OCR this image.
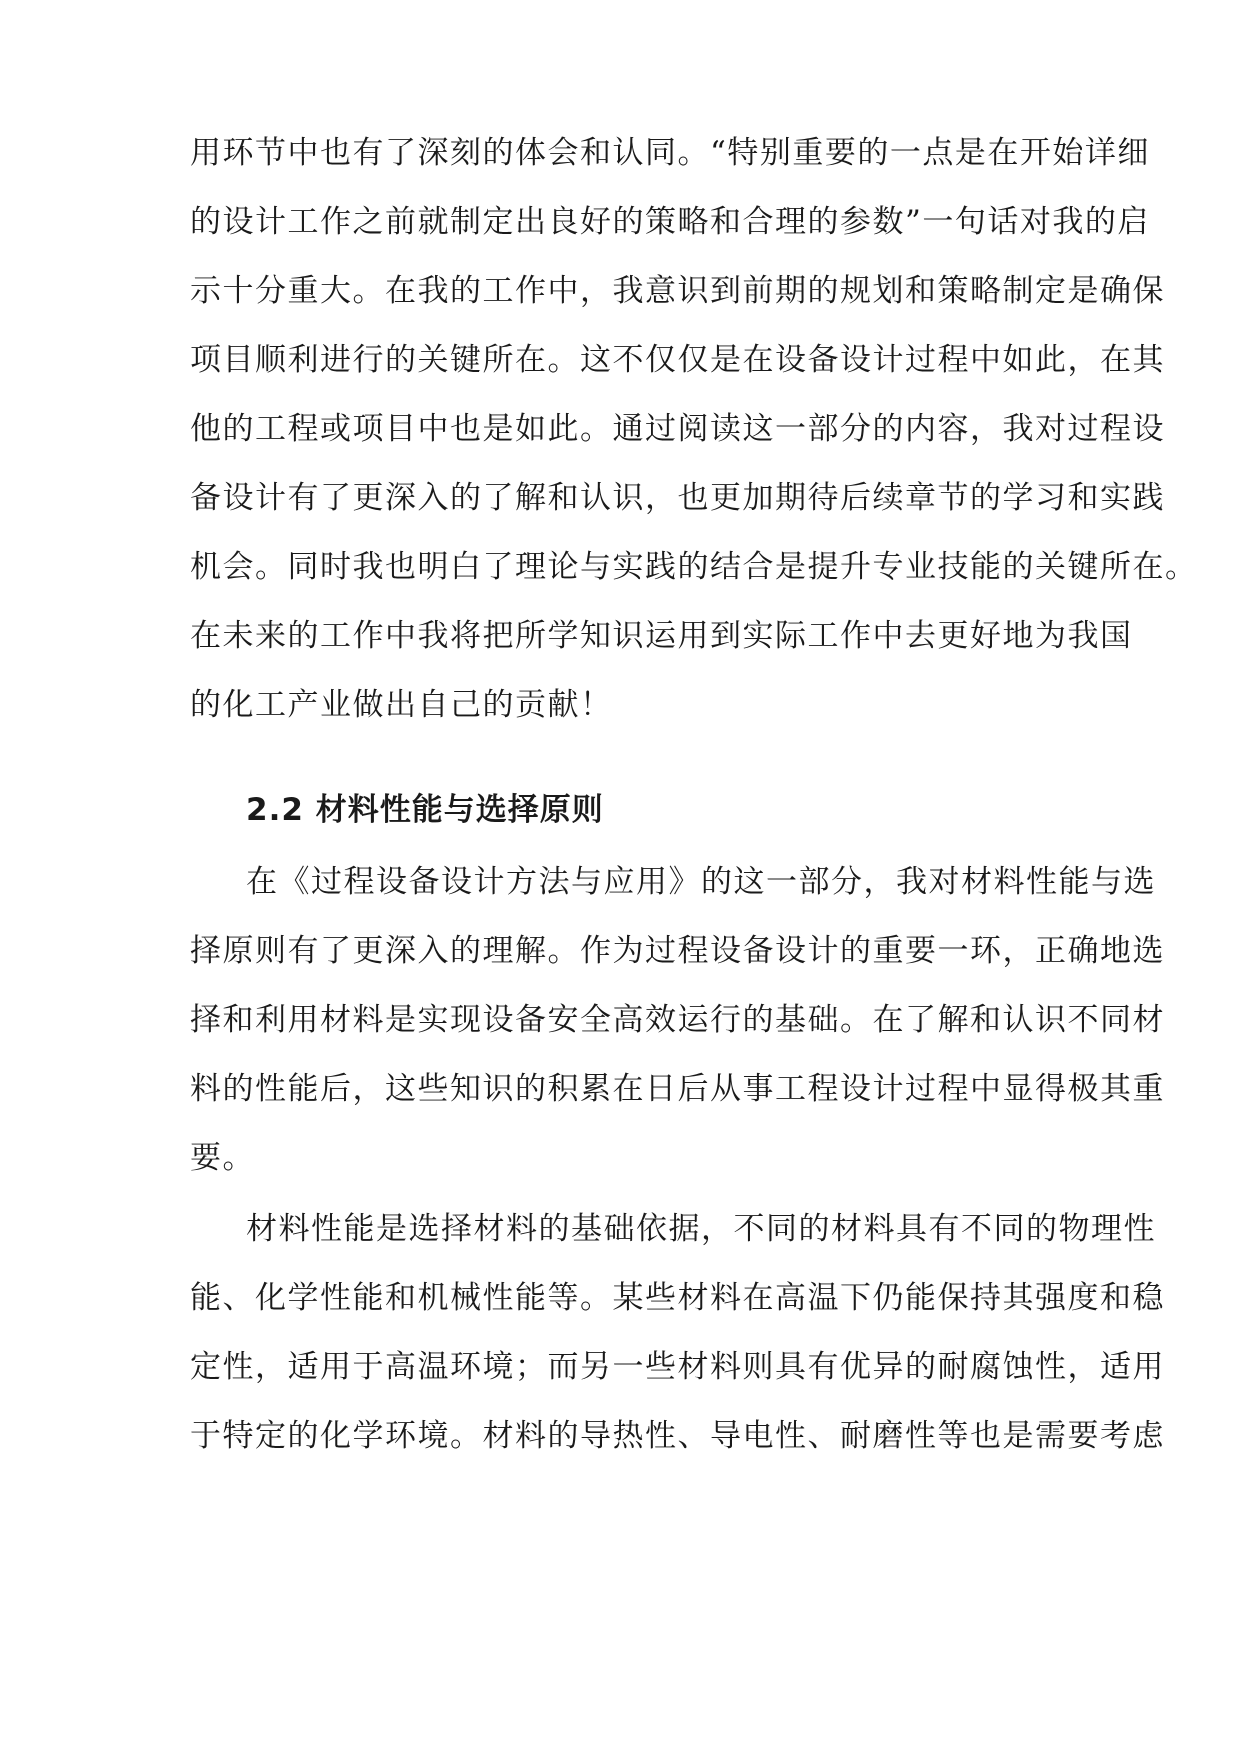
用环节中也有了深刻的体会和认同。“特别重要的一点是在开始详细
的设计工作之前就制定出良好的策略和合理的参数”一句话对我的启
示十分重大。在我的工作中，我意识到前期的规划和策略制定是确保
项目顺利进行的关键所在。这不仅仅是在设备设计过程中如此，在其
他的工程或项目中也是如此。通过阅读这一部分的内容，我对过程设
备设计有了更深入的了解和认识，也更加期待后续章节的学习和实践
机会。同时我也明白了理论与实践的结合是提升专业技能的关键所在。
在未来的工作中我将把所学知识运用到实际工作中去更好地为我国
的化工产业做出自己的贡献！
2.2 材料性能与选择原则
在《过程设备设计方法与应用》的这一部分，我对材料性能与选
择原则有了更深入的理解。作为过程设备设计的重要一环，正确地选
择和利用材料是实现设备安全高效运行的基础。在了解和认识不同材
料的性能后，这些知识的积累在日后从事工程设计过程中显得极其重
要。
材料性能是选择材料的基础依据，不同的材料具有不同的物理性
能、化学性能和机械性能等。某些材料在高温下仍能保持其强度和稳
定性，适用于高温环境；而另一些材料则具有优异的耐腐蚀性，适用
于特定的化学环境。材料的导热性、导电性、耐磨性等也是需要考虑
